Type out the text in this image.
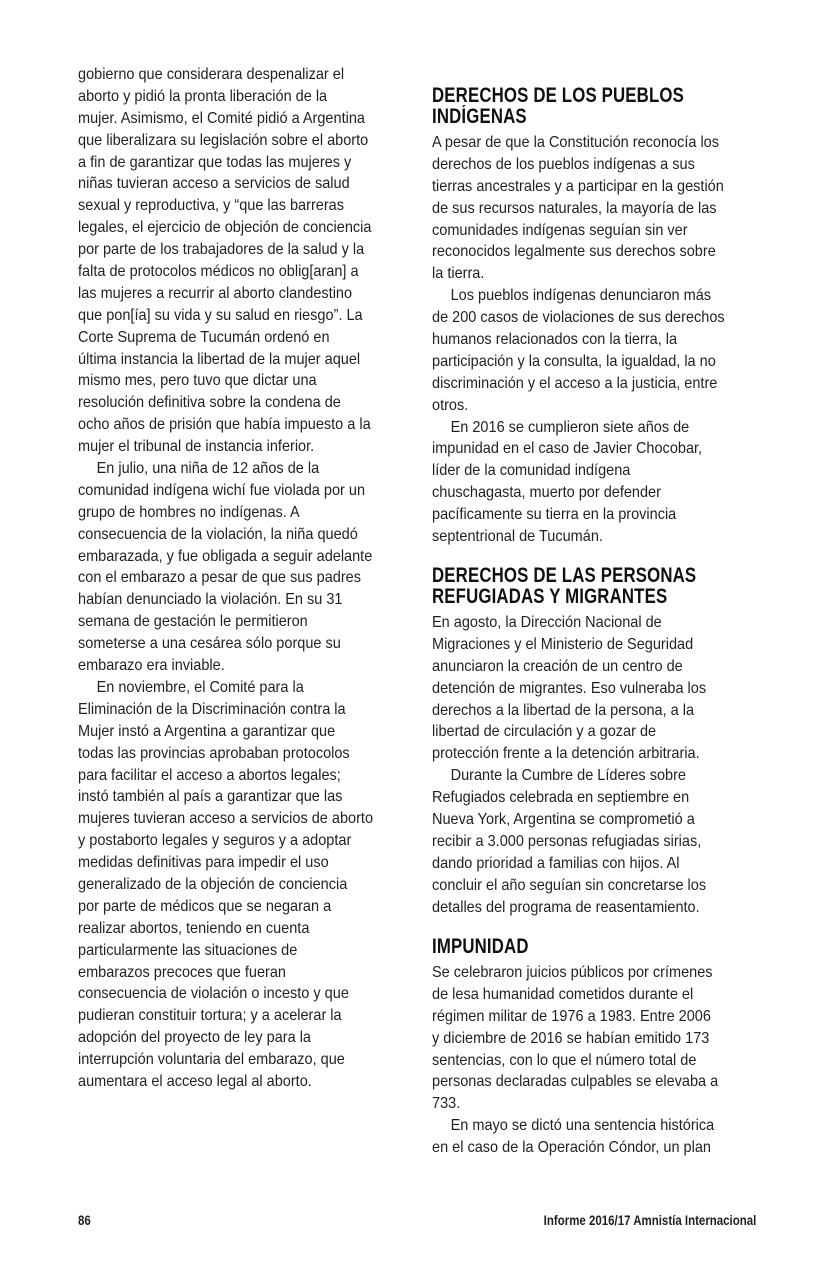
gobierno que considerara despenalizar el
aborto y pidió la pronta liberación de la
mujer. Asimismo, el Comité pidió a Argentina
que liberalizara su legislación sobre el aborto
a fin de garantizar que todas las mujeres y
niñas tuvieran acceso a servicios de salud
sexual y reproductiva, y “que las barreras
legales, el ejercicio de objeción de conciencia
por parte de los trabajadores de la salud y la
falta de protocolos médicos no oblig[aran] a
las mujeres a recurrir al aborto clandestino
que pon[ía] su vida y su salud en riesgo”. La
Corte Suprema de Tucumán ordenó en
última instancia la libertad de la mujer aquel
mismo mes, pero tuvo que dictar una
resolución definitiva sobre la condena de
ocho años de prisión que había impuesto a la
mujer el tribunal de instancia inferior.
En julio, una niña de 12 años de la
comunidad indígena wichí fue violada por un
grupo de hombres no indígenas. A
consecuencia de la violación, la niña quedó
embarazada, y fue obligada a seguir adelante
con el embarazo a pesar de que sus padres
habían denunciado la violación. En su 31
semana de gestación le permitieron
someterse a una cesárea sólo porque su
embarazo era inviable.
En noviembre, el Comité para la
Eliminación de la Discriminación contra la
Mujer instó a Argentina a garantizar que
todas las provincias aprobaban protocolos
para facilitar el acceso a abortos legales;
instó también al país a garantizar que las
mujeres tuvieran acceso a servicios de aborto
y postaborto legales y seguros y a adoptar
medidas definitivas para impedir el uso
generalizado de la objeción de conciencia
por parte de médicos que se negaran a
realizar abortos, teniendo en cuenta
particularmente las situaciones de
embarazos precoces que fueran
consecuencia de violación o incesto y que
pudieran constituir tortura; y a acelerar la
adopción del proyecto de ley para la
interrupción voluntaria del embarazo, que
aumentara el acceso legal al aborto.
DERECHOS DE LOS PUEBLOS
INDÍGENAS
A pesar de que la Constitución reconocía los
derechos de los pueblos indígenas a sus
tierras ancestrales y a participar en la gestión
de sus recursos naturales, la mayoría de las
comunidades indígenas seguían sin ver
reconocidos legalmente sus derechos sobre
la tierra.
Los pueblos indígenas denunciaron más
de 200 casos de violaciones de sus derechos
humanos relacionados con la tierra, la
participación y la consulta, la igualdad, la no
discriminación y el acceso a la justicia, entre
otros.
En 2016 se cumplieron siete años de
impunidad en el caso de Javier Chocobar,
líder de la comunidad indígena
chuschagasta, muerto por defender
pacíficamente su tierra en la provincia
septentrional de Tucumán.
DERECHOS DE LAS PERSONAS
REFUGIADAS Y MIGRANTES
En agosto, la Dirección Nacional de
Migraciones y el Ministerio de Seguridad
anunciaron la creación de un centro de
detención de migrantes. Eso vulneraba los
derechos a la libertad de la persona, a la
libertad de circulación y a gozar de
protección frente a la detención arbitraria.
Durante la Cumbre de Líderes sobre
Refugiados celebrada en septiembre en
Nueva York, Argentina se comprometió a
recibir a 3.000 personas refugiadas sirias,
dando prioridad a familias con hijos. Al
concluir el año seguían sin concretarse los
detalles del programa de reasentamiento.
IMPUNIDAD
Se celebraron juicios públicos por crímenes
de lesa humanidad cometidos durante el
régimen militar de 1976 a 1983. Entre 2006
y diciembre de 2016 se habían emitido 173
sentencias, con lo que el número total de
personas declaradas culpables se elevaba a
733.
En mayo se dictó una sentencia histórica
en el caso de la Operación Cóndor, un plan
86	Informe 2016/17 Amnistía Internacional
